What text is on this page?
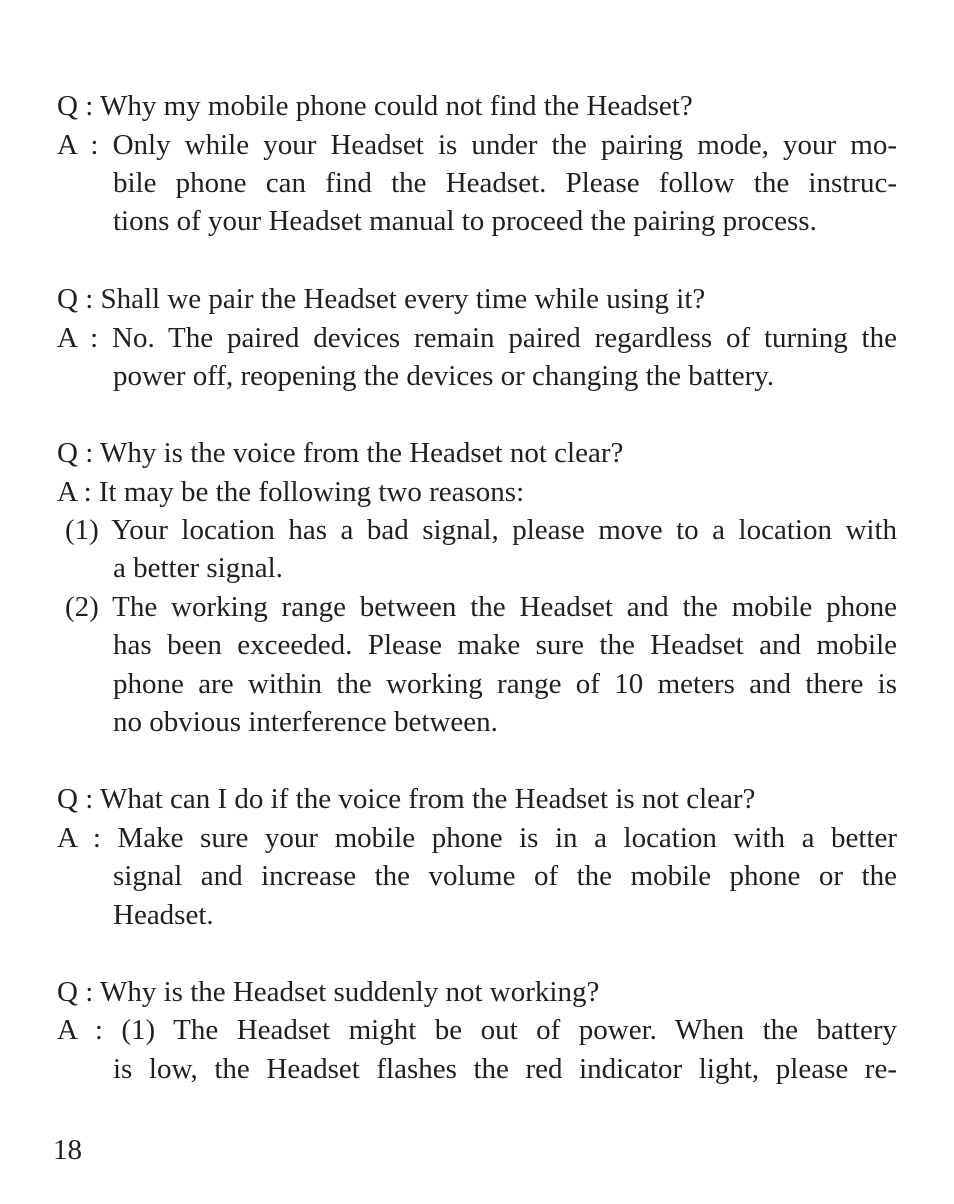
Q : Why my mobile phone could not find the Headset?
A : Only while your Headset is under the pairing mode, your mo-
bile phone can find the Headset. Please follow the instruc-
tions of your Headset manual to proceed the pairing process.
Q : Shall we pair the Headset every time while using it?
A : No. The paired devices remain paired regardless of turning the
power off, reopening the devices or changing the battery.
Q : Why is the voice from the Headset not clear?
A : It may be the following two reasons:
(1) Your location has a bad signal, please move to a location with
a better signal.
(2) The working range between the Headset and the mobile phone
has been exceeded. Please make sure the Headset and mobile
phone are within the working range of 10 meters and there is
no obvious interference between.
Q : What can I do if the voice from the Headset is not clear?
A : Make sure your mobile phone is in a location with a better
signal and increase the volume of the mobile phone or the
Headset.
Q : Why is the Headset suddenly not working?
A : (1) The Headset might be out of power. When the battery
is low, the Headset flashes the red indicator light, please re-
18
